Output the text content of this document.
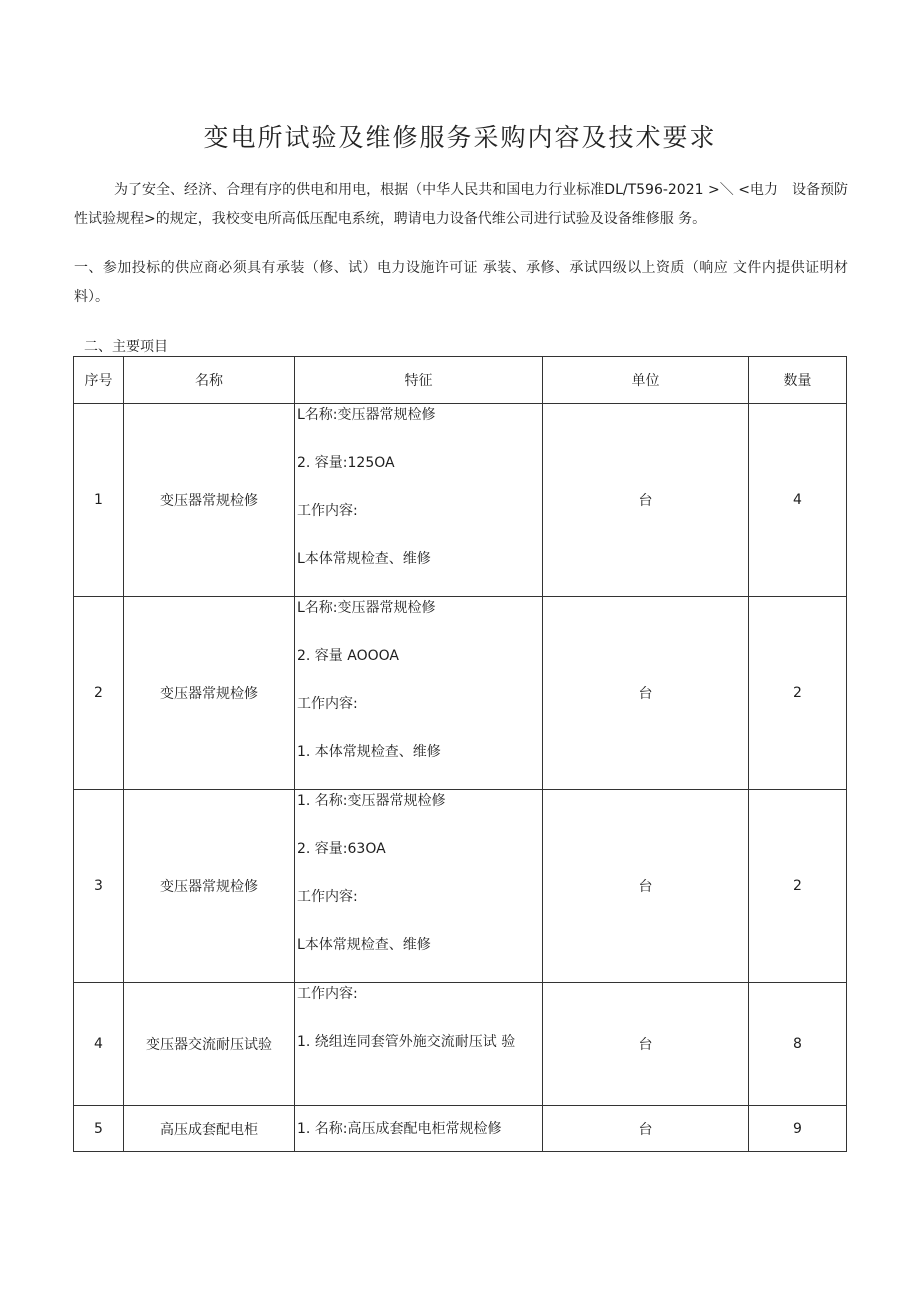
变电所试验及维修服务采购内容及技术要求
为了安全、经济、合理有序的供电和用电，根据（中华人民共和国电力行业标准DL/T596-2021 >＼ <电力　设备预防性试验规程>的规定，我校变电所高低压配电系统，聘请电力设备代维公司进行试验及设备维修服 务。
一、参加投标的供应商必须具有承装（修、试）电力设施许可证 承装、承修、承试四级以上资质（响应 文件内提供证明材料）。
二、主要项目
序号	名称	特征	单位	数量
1	变压器常规检修	L名称:变压器常规检修
2. 容量:125OA
工作内容:
L本体常规检查、维修	台	4
2	变压器常规检修	L名称:变压器常规检修
2. 容量 AOOOA
工作内容:
1. 本体常规检查、维修	台	2
3	变压器常规检修	1. 名称:变压器常规检修
2. 容量:63OA
工作内容:
L本体常规检查、维修	台	2
4	变压器交流耐压试验	工作内容:
1. 绕组连同套管外施交流耐压试 验	台	8
5	高压成套配电柜	1. 名称:高压成套配电柜常规检修	台	9
